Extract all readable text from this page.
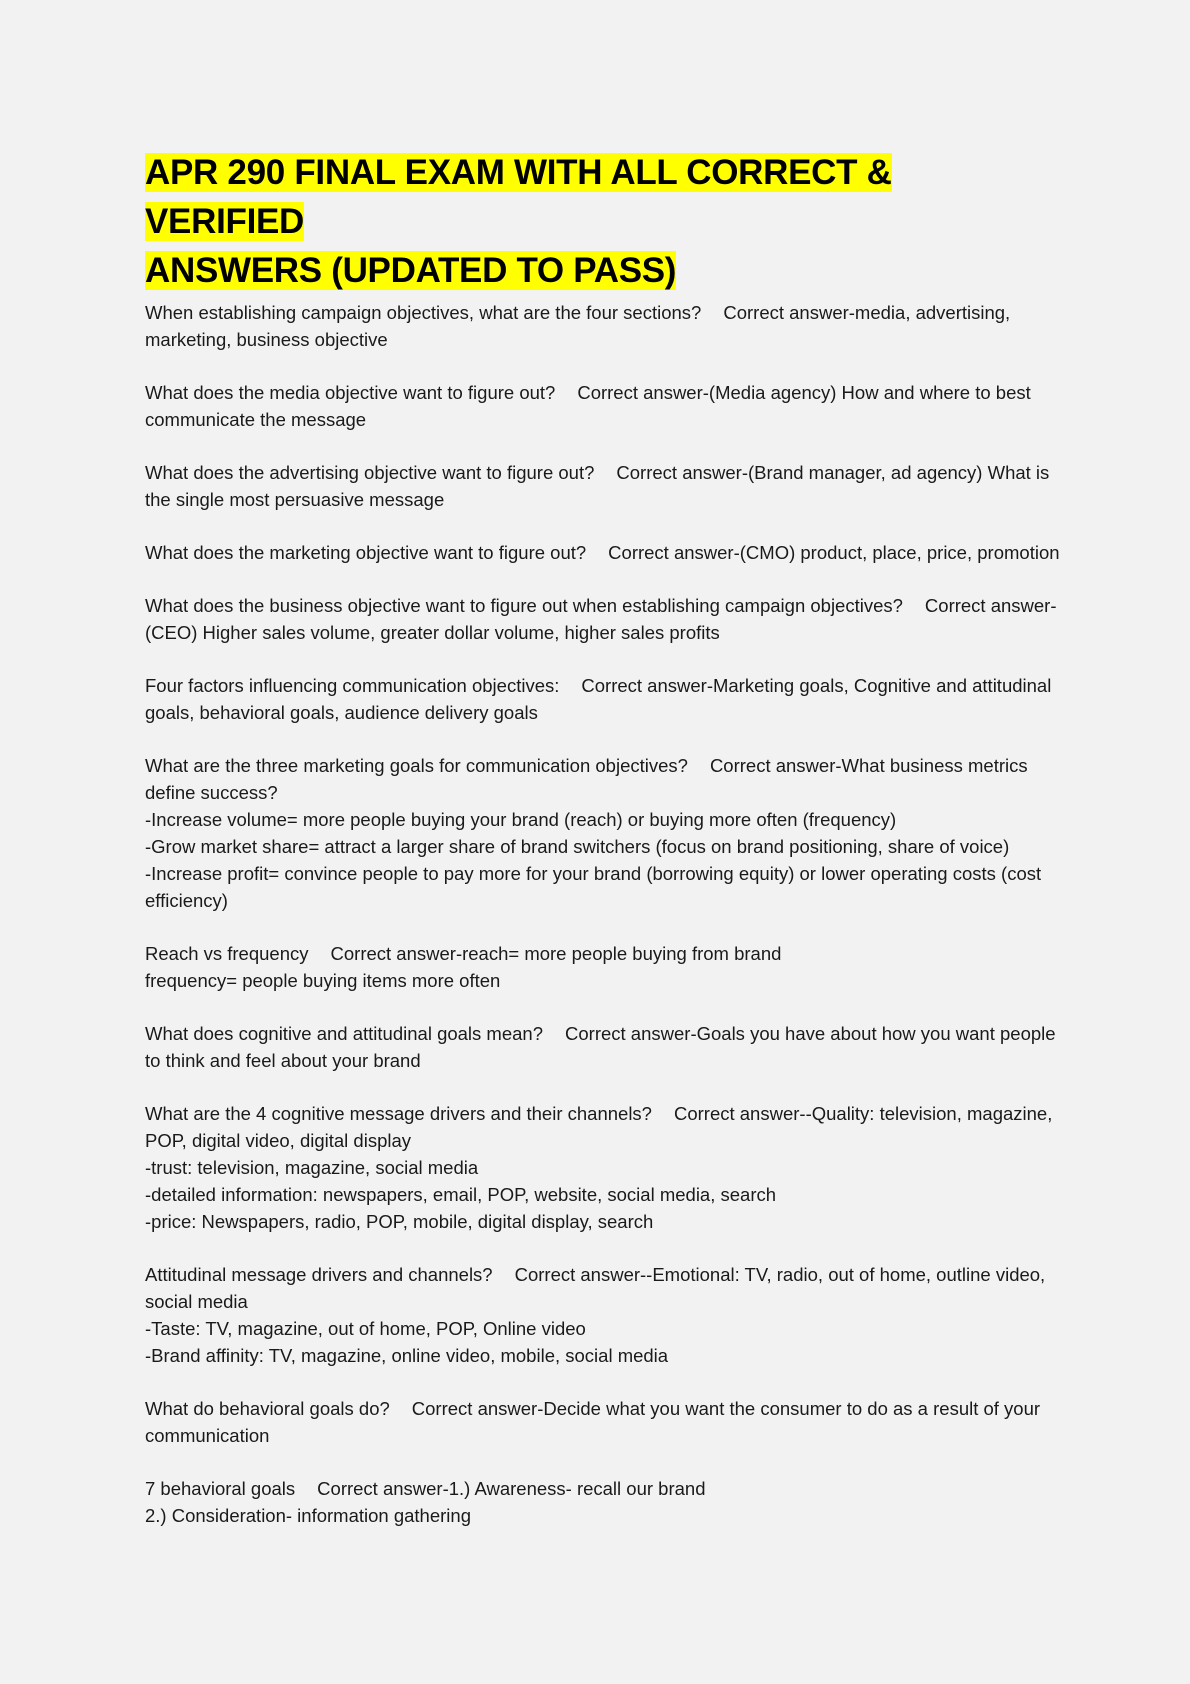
APR 290 FINAL EXAM WITH ALL CORRECT & VERIFIED
ANSWERS (UPDATED TO PASS)

When establishing campaign objectives, what are the four sections? Correct answer-media, advertising, marketing, business objective

What does the media objective want to figure out? Correct answer-(Media agency) How and where to best communicate the message

What does the advertising objective want to figure out? Correct answer-(Brand manager, ad agency) What is the single most persuasive message

What does the marketing objective want to figure out? Correct answer-(CMO) product, place, price, promotion

What does the business objective want to figure out when establishing campaign objectives? Correct answer-(CEO) Higher sales volume, greater dollar volume, higher sales profits

Four factors influencing communication objectives: Correct answer-Marketing goals, Cognitive and attitudinal goals, behavioral goals, audience delivery goals

What are the three marketing goals for communication objectives? Correct answer-What business metrics define success?
-Increase volume= more people buying your brand (reach) or buying more often (frequency)
-Grow market share= attract a larger share of brand switchers (focus on brand positioning, share of voice)
-Increase profit= convince people to pay more for your brand (borrowing equity) or lower operating costs (cost efficiency)

Reach vs frequency Correct answer-reach= more people buying from brand
frequency= people buying items more often

What does cognitive and attitudinal goals mean? Correct answer-Goals you have about how you want people to think and feel about your brand

What are the 4 cognitive message drivers and their channels? Correct answer--Quality: television, magazine, POP, digital video, digital display
-trust: television, magazine, social media
-detailed information: newspapers, email, POP, website, social media, search
-price: Newspapers, radio, POP, mobile, digital display, search

Attitudinal message drivers and channels? Correct answer--Emotional: TV, radio, out of home, outline video, social media
-Taste: TV, magazine, out of home, POP, Online video
-Brand affinity: TV, magazine, online video, mobile, social media

What do behavioral goals do? Correct answer-Decide what you want the consumer to do as a result of your communication

7 behavioral goals Correct answer-1.) Awareness- recall our brand
2.) Consideration- information gathering
